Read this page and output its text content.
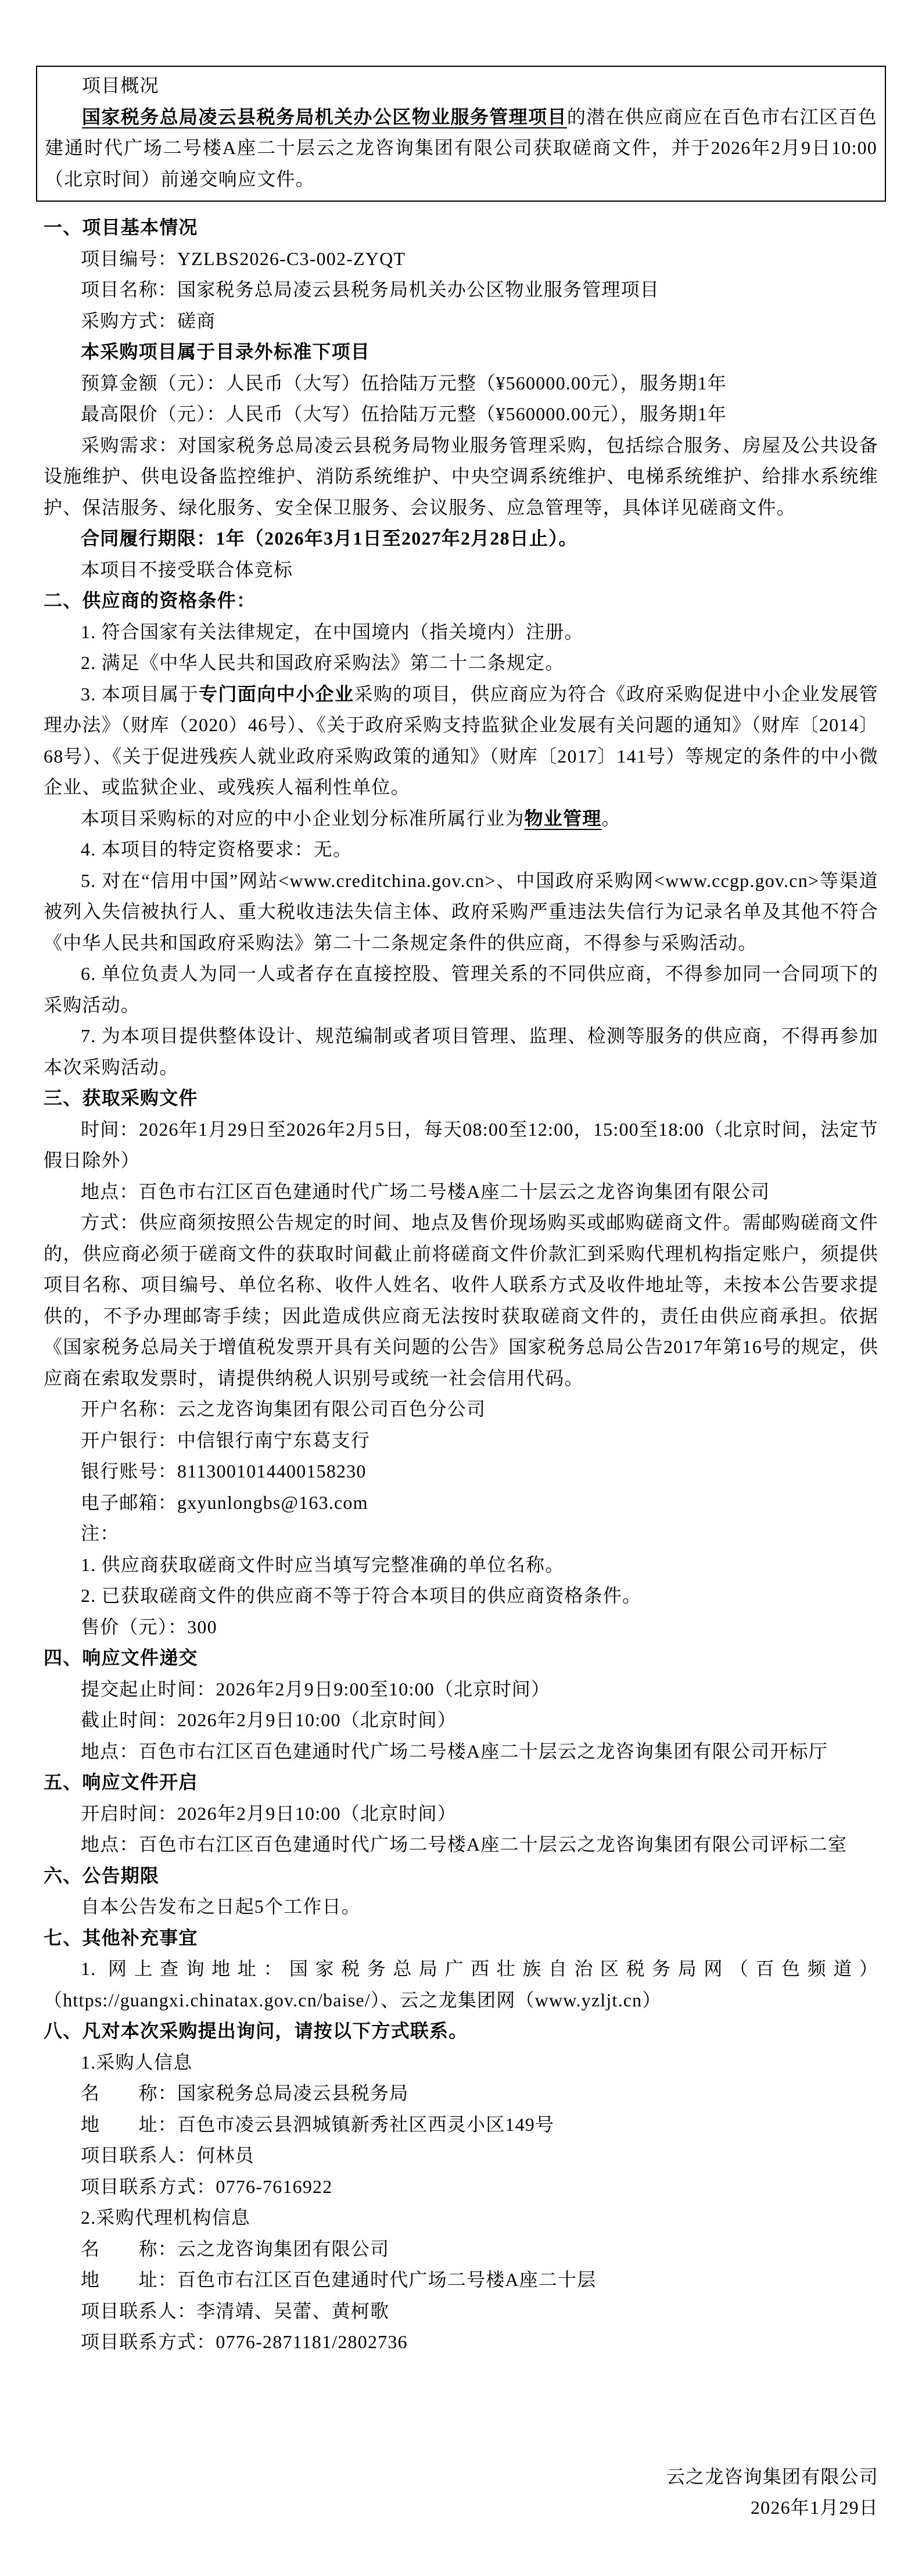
项目概况

国家税务总局凌云县税务局机关办公区物业服务管理项目的潜在供应商应在百色市右江区百色建通时代广场二号楼A座二十层云之龙咨询集团有限公司获取磋商文件，并于2026年2月9日10:00（北京时间）前递交响应文件。

一、项目基本情况

项目编号：YZLBS2026-C3-002-ZYQT

项目名称：国家税务总局凌云县税务局机关办公区物业服务管理项目

采购方式：磋商

本采购项目属于目录外标准下项目

预算金额（元）：人民币（大写）伍拾陆万元整（¥560000.00元），服务期1年

最高限价（元）：人民币（大写）伍拾陆万元整（¥560000.00元），服务期1年

采购需求：对国家税务总局凌云县税务局物业服务管理采购，包括综合服务、房屋及公共设备设施维护、供电设备监控维护、消防系统维护、中央空调系统维护、电梯系统维护、给排水系统维护、保洁服务、绿化服务、安全保卫服务、会议服务、应急管理等，具体详见磋商文件。

合同履行期限：1年（2026年3月1日至2027年2月28日止）。

本项目不接受联合体竞标

二、供应商的资格条件：

1. 符合国家有关法律规定，在中国境内（指关境内）注册。

2. 满足《中华人民共和国政府采购法》第二十二条规定。

3. 本项目属于专门面向中小企业采购的项目，供应商应为符合《政府采购促进中小企业发展管理办法》（财库（2020）46号）、《关于政府采购支持监狱企业发展有关问题的通知》（财库〔2014〕68号）、《关于促进残疾人就业政府采购政策的通知》（财库〔2017〕141号）等规定的条件的中小微企业、或监狱企业、或残疾人福利性单位。

本项目采购标的对应的中小企业划分标准所属行业为物业管理。

4. 本项目的特定资格要求：无。

5. 对在“信用中国”网站<www.creditchina.gov.cn>、中国政府采购网<www.ccgp.gov.cn>等渠道被列入失信被执行人、重大税收违法失信主体、政府采购严重违法失信行为记录名单及其他不符合《中华人民共和国政府采购法》第二十二条规定条件的供应商，不得参与采购活动。

6. 单位负责人为同一人或者存在直接控股、管理关系的不同供应商，不得参加同一合同项下的采购活动。

7. 为本项目提供整体设计、规范编制或者项目管理、监理、检测等服务的供应商，不得再参加本次采购活动。

三、获取采购文件

时间：2026年1月29日至2026年2月5日，每天08:00至12:00，15:00至18:00（北京时间，法定节假日除外）

地点：百色市右江区百色建通时代广场二号楼A座二十层云之龙咨询集团有限公司

方式：供应商须按照公告规定的时间、地点及售价现场购买或邮购磋商文件。需邮购磋商文件的，供应商必须于磋商文件的获取时间截止前将磋商文件价款汇到采购代理机构指定账户，须提供项目名称、项目编号、单位名称、收件人姓名、收件人联系方式及收件地址等，未按本公告要求提供的，不予办理邮寄手续；因此造成供应商无法按时获取磋商文件的，责任由供应商承担。依据《国家税务总局关于增值税发票开具有关问题的公告》国家税务总局公告2017年第16号的规定，供应商在索取发票时，请提供纳税人识别号或统一社会信用代码。

开户名称：云之龙咨询集团有限公司百色分公司

开户银行：中信银行南宁东葛支行

银行账号：8113001014400158230

电子邮箱：gxyunlongbs@163.com

注：

1. 供应商获取磋商文件时应当填写完整准确的单位名称。

2. 已获取磋商文件的供应商不等于符合本项目的供应商资格条件。

售价（元）：300

四、响应文件递交

提交起止时间：2026年2月9日9:00至10:00（北京时间）

截止时间：2026年2月9日10:00（北京时间）

地点：百色市右江区百色建通时代广场二号楼A座二十层云之龙咨询集团有限公司开标厅

五、响应文件开启

开启时间：2026年2月9日10:00（北京时间）

地点：百色市右江区百色建通时代广场二号楼A座二十层云之龙咨询集团有限公司评标二室

六、公告期限

自本公告发布之日起5个工作日。

七、其他补充事宜

1. 网上查询地址：国家税务总局广西壮族自治区税务局网（百色频道）（https://guangxi.chinatax.gov.cn/baise/）、云之龙集团网（www.yzljt.cn）

八、凡对本次采购提出询问，请按以下方式联系。

1.采购人信息

名　　称：国家税务总局凌云县税务局

地　　址：百色市凌云县泗城镇新秀社区西灵小区149号

项目联系人：何林员

项目联系方式：0776-7616922

2.采购代理机构信息

名　　称：云之龙咨询集团有限公司

地　　址：百色市右江区百色建通时代广场二号楼A座二十层

项目联系人：李清靖、吴蕾、黄柯歌

项目联系方式：0776-2871181/2802736

云之龙咨询集团有限公司

2026年1月29日
